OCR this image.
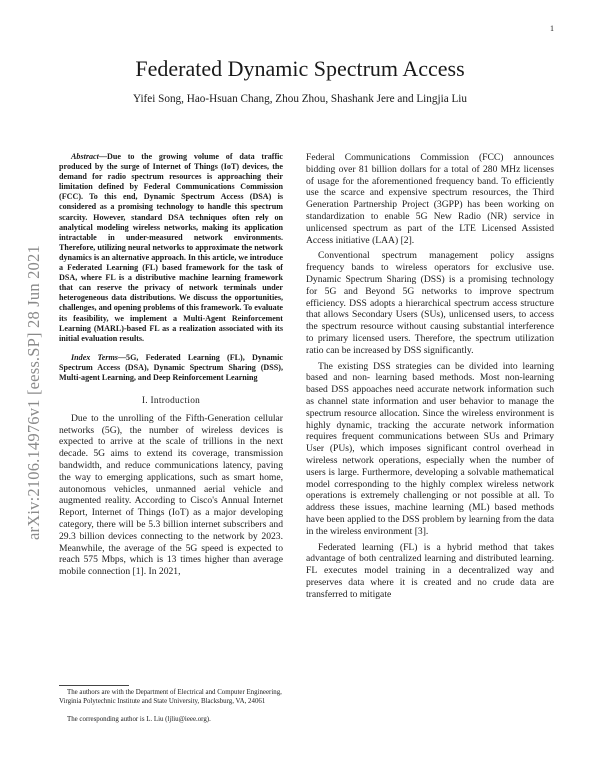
1
arXiv:2106.14976v1 [eess.SP] 28 Jun 2021
Federated Dynamic Spectrum Access
Yifei Song, Hao-Hsuan Chang, Zhou Zhou, Shashank Jere and Lingjia Liu
Abstract—Due to the growing volume of data traffic produced by the surge of Internet of Things (IoT) devices, the demand for radio spectrum resources is approaching their limitation defined by Federal Communications Commission (FCC). To this end, Dynamic Spectrum Access (DSA) is considered as a promising technology to handle this spectrum scarcity. However, standard DSA techniques often rely on analytical modeling wireless networks, making its application intractable in under-measured network environments. Therefore, utilizing neural networks to approximate the network dynamics is an alternative approach. In this article, we introduce a Federated Learning (FL) based framework for the task of DSA, where FL is a distributive machine learning framework that can reserve the privacy of network terminals under heterogeneous data distributions. We discuss the opportunities, challenges, and opening problems of this framework. To evaluate its feasibility, we implement a Multi-Agent Reinforcement Learning (MARL)-based FL as a realization associated with its initial evaluation results.
Index Terms—5G, Federated Learning (FL), Dynamic Spectrum Access (DSA), Dynamic Spectrum Sharing (DSS), Multi-agent Learning, and Deep Reinforcement Learning
I. Introduction

Due to the unrolling of the Fifth-Generation cellular networks (5G), the number of wireless devices is expected to arrive at the scale of trillions in the next decade. 5G aims to extend its coverage, transmission bandwidth, and reduce communications latency, paving the way to emerging applications, such as smart home, autonomous vehicles, unmanned aerial vehicle and augmented reality. According to Cisco's Annual Internet Report, Internet of Things (IoT) as a major developing category, there will be 5.3 billion internet subscribers and 29.3 billion devices connecting to the network by 2023. Meanwhile, the average of the 5G speed is expected to reach 575 Mbps, which is 13 times higher than average mobile connection [1]. In 2021,

Federal Communications Commission (FCC) announces bidding over 81 billion dollars for a total of 280 MHz licenses of usage for the aforementioned frequency band. To efficiently use the scarce and expensive spectrum resources, the Third Generation Partnership Project (3GPP) has been working on standardization to enable 5G New Radio (NR) service in unlicensed spectrum as part of the LTE Licensed Assisted Access initiative (LAA) [2].

Conventional spectrum management policy assigns frequency bands to wireless operators for exclusive use. Dynamic Spectrum Sharing (DSS) is a promising technology for 5G and Beyond 5G networks to improve spectrum efficiency. DSS adopts a hierarchical spectrum access structure that allows Secondary Users (SUs), unlicensed users, to access the spectrum resource without causing substantial interference to primary licensed users. Therefore, the spectrum utilization ratio can be increased by DSS significantly.

The existing DSS strategies can be divided into learning based and non- learning based methods. Most non-learning based DSS appoaches need accurate network information such as channel state information and user behavior to manage the spectrum resource allocation. Since the wireless environment is highly dynamic, tracking the accurate network information requires frequent communications between SUs and Primary User (PUs), which imposes significant control overhead in wireless network operations, especially when the number of users is large. Furthermore, developing a solvable mathematical model corresponding to the highly complex wireless network operations is extremely challenging or not possible at all. To address these issues, machine learning (ML) based methods have been applied to the DSS problem by learning from the data in the wireless environment [3].

Federated learning (FL) is a hybrid method that takes advantage of both centralized learning and distributed learning. FL executes model training in a decentralized way and preserves data where it is created and no crude data are transferred to mitigate

The authors are with the Department of Electrical and Computer Engineering, Virginia Polytechnic Institute and State University, Blacksburg, VA, 24061
The corresponding author is L. Liu (ljliu@ieee.org).
